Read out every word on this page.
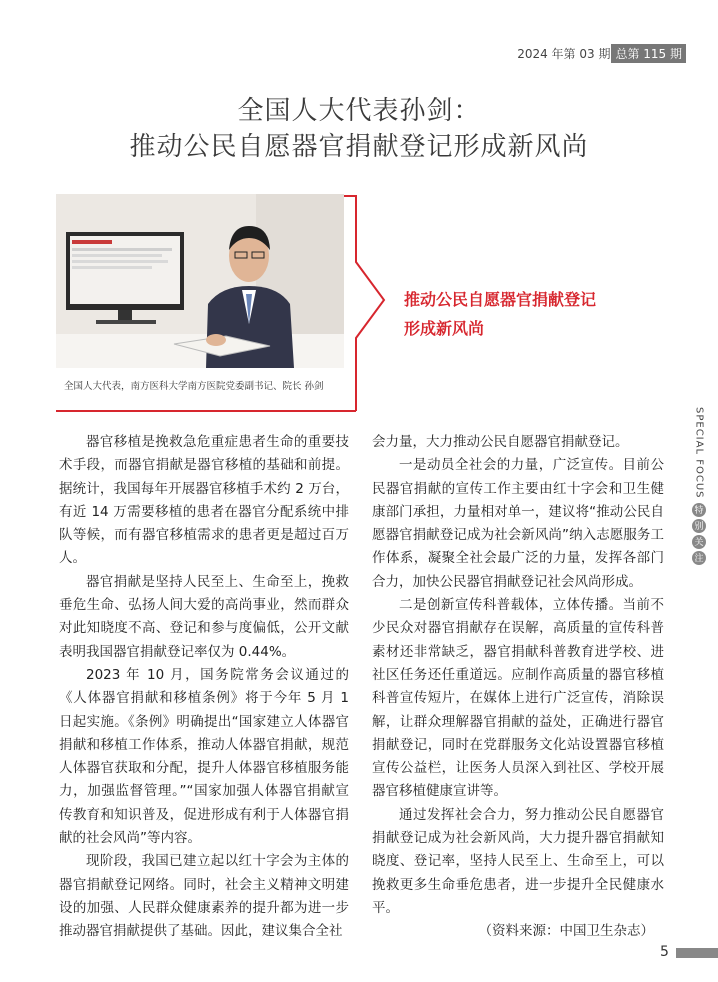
2024 年第 03 期 总第 115 期
全国人大代表孙剑：
推动公民自愿器官捐献登记形成新风尚
全国人大代表，南方医科大学南方医院党委副书记、院长 孙剑
推动公民自愿器官捐献登记
形成新风尚
SPECIAL FOCUS
特
别
关
注

器官移植是挽救急危重症患者生命的重要技术手段，而器官捐献是器官移植的基础和前提。据统计，我国每年开展器官移植手术约 2 万台，有近 14 万需要移植的患者在器官分配系统中排队等候，而有器官移植需求的患者更是超过百万人。

器官捐献是坚持人民至上、生命至上，挽救垂危生命、弘扬人间大爱的高尚事业，然而群众对此知晓度不高、登记和参与度偏低，公开文献表明我国器官捐献登记率仅为 0.44%。

2023 年 10 月，国务院常务会议通过的《人体器官捐献和移植条例》将于今年 5 月 1 日起实施。《条例》明确提出“国家建立人体器官捐献和移植工作体系，推动人体器官捐献，规范人体器官获取和分配，提升人体器官移植服务能力，加强监督管理。”“国家加强人体器官捐献宣传教育和知识普及，促进形成有利于人体器官捐献的社会风尚”等内容。

现阶段，我国已建立起以红十字会为主体的器官捐献登记网络。同时，社会主义精神文明建设的加强、人民群众健康素养的提升都为进一步推动器官捐献提供了基础。因此，建议集合全社

会力量，大力推动公民自愿器官捐献登记。

一是动员全社会的力量，广泛宣传。目前公民器官捐献的宣传工作主要由红十字会和卫生健康部门承担，力量相对单一，建议将“推动公民自愿器官捐献登记成为社会新风尚”纳入志愿服务工作体系，凝聚全社会最广泛的力量，发挥各部门合力，加快公民器官捐献登记社会风尚形成。

二是创新宣传科普载体，立体传播。当前不少民众对器官捐献存在误解，高质量的宣传科普素材还非常缺乏，器官捐献科普教育进学校、进社区任务还任重道远。应制作高质量的器官移植科普宣传短片，在媒体上进行广泛宣传，消除误解，让群众理解器官捐献的益处，正确进行器官捐献登记，同时在党群服务文化站设置器官移植宣传公益栏，让医务人员深入到社区、学校开展器官移植健康宣讲等。

通过发挥社会合力，努力推动公民自愿器官捐献登记成为社会新风尚，大力提升器官捐献知晓度、登记率，坚持人民至上、生命至上，可以挽救更多生命垂危患者，进一步提升全民健康水平。

（资料来源：中国卫生杂志）

5
